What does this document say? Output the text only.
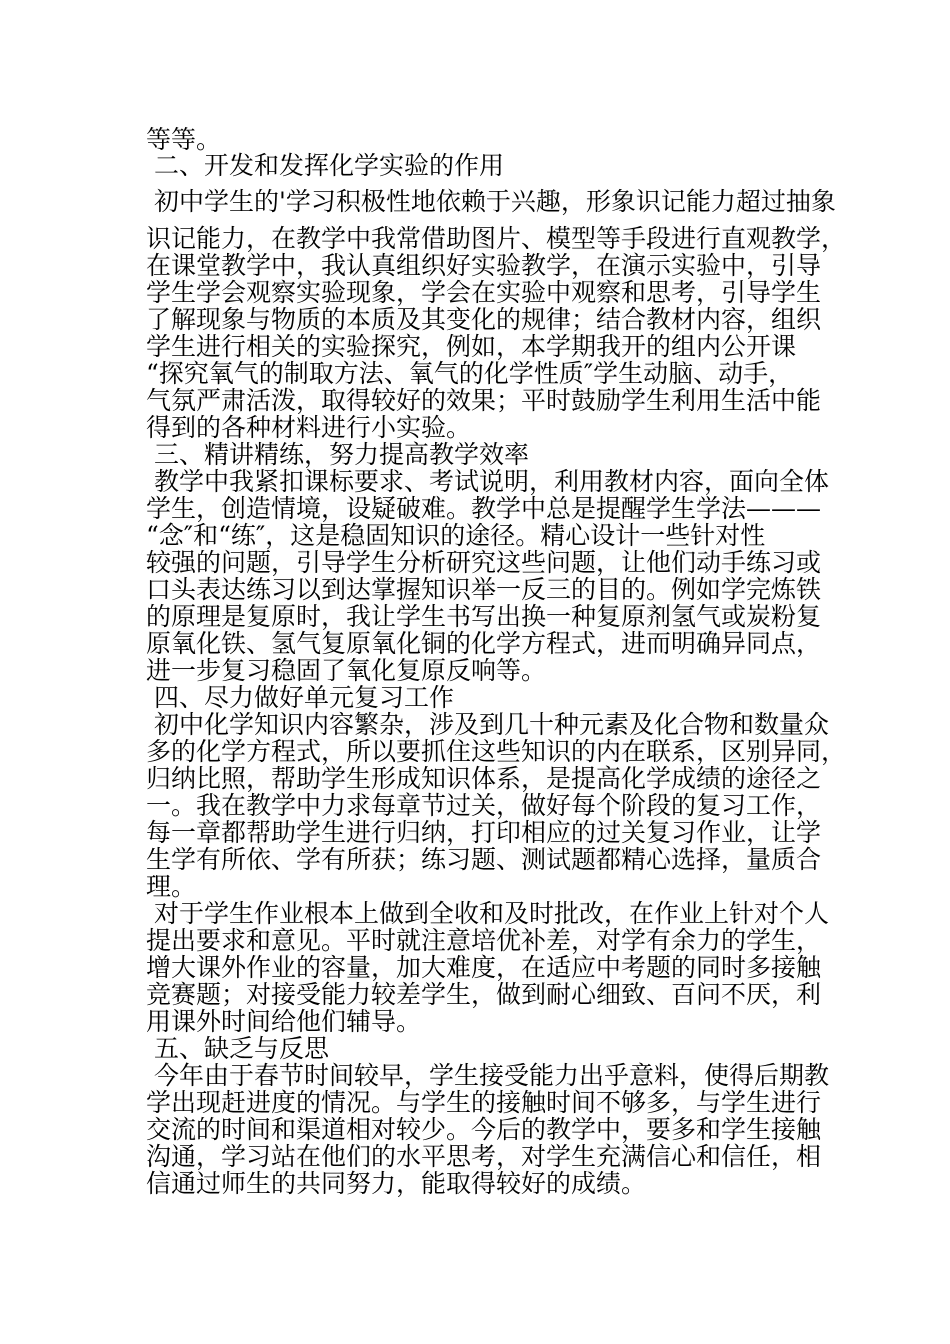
等等。

二、开发和发挥化学实验的作用

初中学生的'学习积极性地依赖于兴趣，形象识记能力超过抽象

识记能力，在教学中我常借助图片、模型等手段进行直观教学，

在课堂教学中，我认真组织好实验教学，在演示实验中，引导

学生学会观察实验现象，学会在实验中观察和思考，引导学生

了解现象与物质的本质及其变化的规律；结合教材内容，组织

学生进行相关的实验探究，例如，本学期我开的组内公开课

“探究氧气的制取方法、氧气的化学性质″学生动脑、动手，

气氛严肃活泼，取得较好的效果；平时鼓励学生利用生活中能

得到的各种材料进行小实验。

三、精讲精练，努力提高教学效率

教学中我紧扣课标要求、考试说明，利用教材内容，面向全体

学生，创造情境，设疑破难。教学中总是提醒学生学法———

“念″和“练″，这是稳固知识的途径。精心设计一些针对性

较强的问题，引导学生分析研究这些问题，让他们动手练习或

口头表达练习以到达掌握知识举一反三的目的。例如学完炼铁

的原理是复原时，我让学生书写出换一种复原剂氢气或炭粉复

原氧化铁、氢气复原氧化铜的化学方程式，进而明确异同点，

进一步复习稳固了氧化复原反响等。

四、尽力做好单元复习工作

初中化学知识内容繁杂，涉及到几十种元素及化合物和数量众

多的化学方程式，所以要抓住这些知识的内在联系，区别异同，

归纳比照，帮助学生形成知识体系，是提高化学成绩的途径之

一。我在教学中力求每章节过关，做好每个阶段的复习工作，

每一章都帮助学生进行归纳，打印相应的过关复习作业，让学

生学有所依、学有所获；练习题、测试题都精心选择，量质合

理。

对于学生作业根本上做到全收和及时批改，在作业上针对个人

提出要求和意见。平时就注意培优补差，对学有余力的学生，

增大课外作业的容量，加大难度，在适应中考题的同时多接触

竞赛题；对接受能力较差学生，做到耐心细致、百问不厌，利

用课外时间给他们辅导。

五、缺乏与反思

今年由于春节时间较早，学生接受能力出乎意料，使得后期教

学出现赶进度的情况。与学生的接触时间不够多，与学生进行

交流的时间和渠道相对较少。今后的教学中，要多和学生接触

沟通，学习站在他们的水平思考，对学生充满信心和信任，相

信通过师生的共同努力，能取得较好的成绩。
